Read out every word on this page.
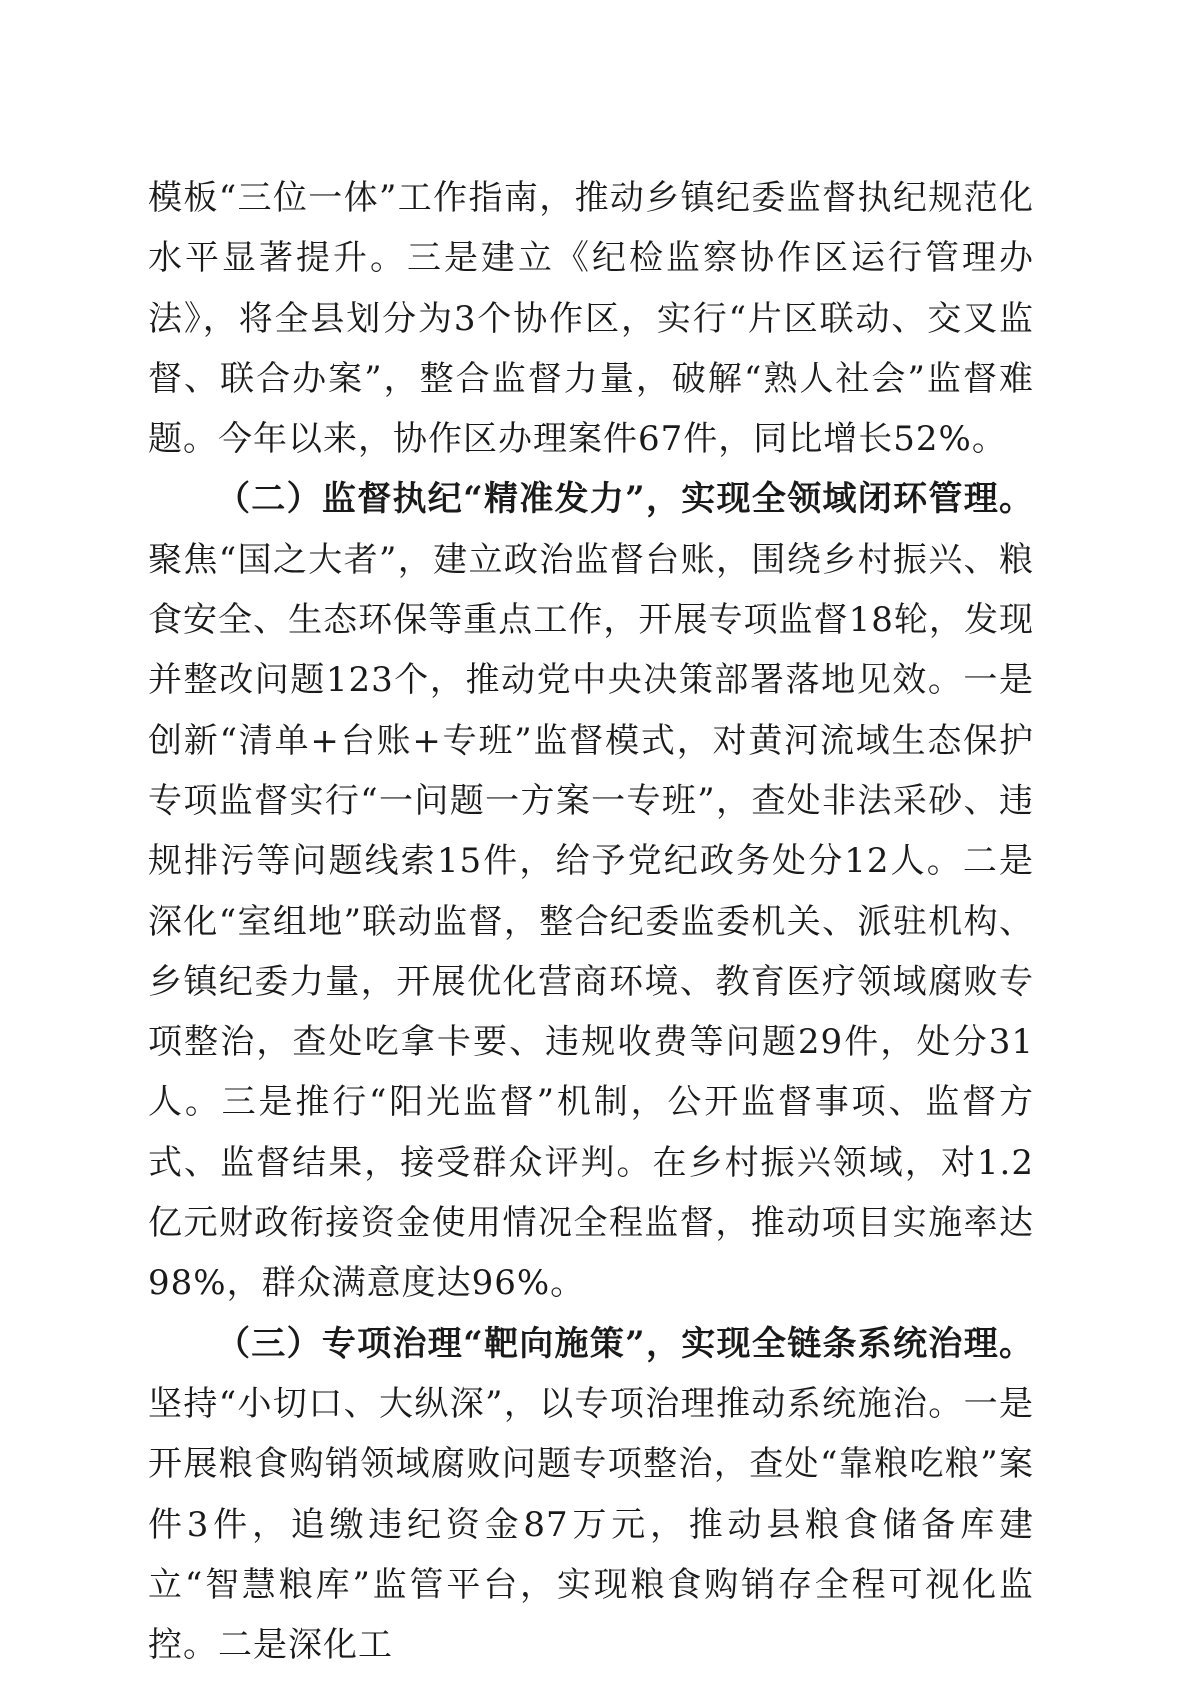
模板“三位一体”工作指南，推动乡镇纪委监督执纪规范化水平显著提升。三是建立《纪检监察协作区运行管理办法》，将全县划分为3个协作区，实行“片区联动、交叉监督、联合办案”，整合监督力量，破解“熟人社会”监督难题。今年以来，协作区办理案件67件，同比增长52%。

（二）监督执纪“精准发力”，实现全领域闭环管理。聚焦“国之大者”，建立政治监督台账，围绕乡村振兴、粮食安全、生态环保等重点工作，开展专项监督18轮，发现并整改问题123个，推动党中央决策部署落地见效。一是创新“清单+台账+专班”监督模式，对黄河流域生态保护专项监督实行“一问题一方案一专班”，查处非法采砂、违规排污等问题线索15件，给予党纪政务处分12人。二是深化“室组地”联动监督，整合纪委监委机关、派驻机构、乡镇纪委力量，开展优化营商环境、教育医疗领域腐败专项整治，查处吃拿卡要、违规收费等问题29件，处分31人。三是推行“阳光监督”机制，公开监督事项、监督方式、监督结果，接受群众评判。在乡村振兴领域，对1.2亿元财政衔接资金使用情况全程监督，推动项目实施率达98%，群众满意度达96%。

（三）专项治理“靶向施策”，实现全链条系统治理。坚持“小切口、大纵深”，以专项治理推动系统施治。一是开展粮食购销领域腐败问题专项整治，查处“靠粮吃粮”案件3件，追缴违纪资金87万元，推动县粮食储备库建立“智慧粮库”监管平台，实现粮食购销存全程可视化监控。二是深化工
